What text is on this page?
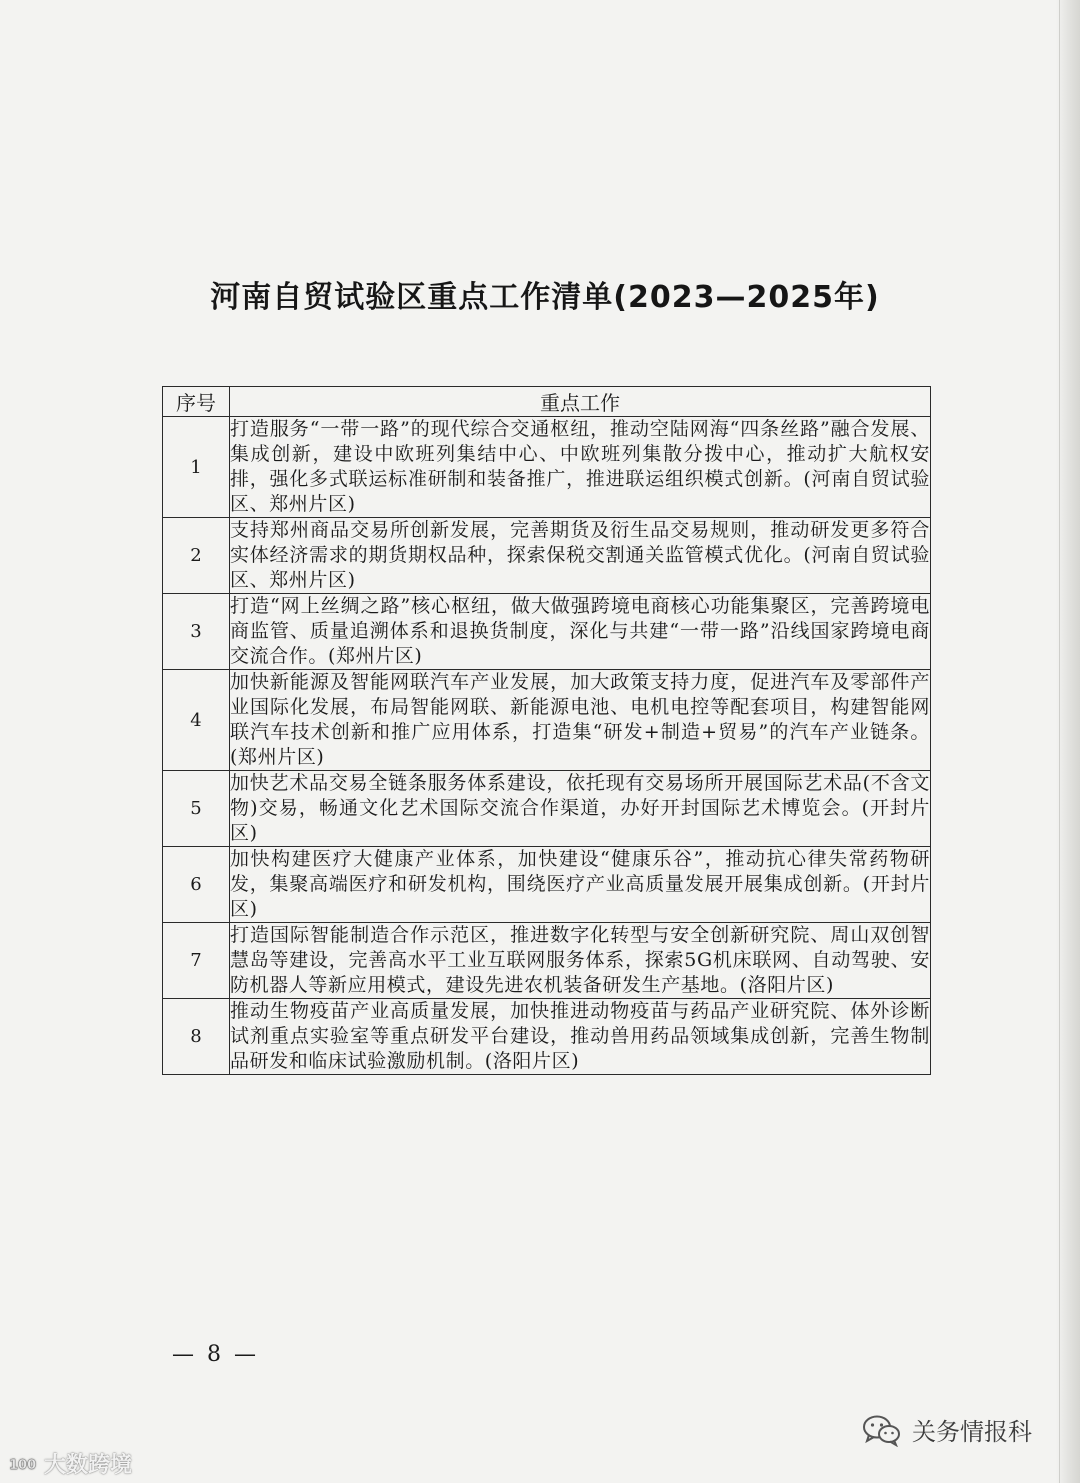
河南自贸试验区重点工作清单(2023—2025年)
序号	重点工作
1	打造服务“一带一路”的现代综合交通枢纽，推动空陆网海“四条丝路”融合发展、集成创新，建设中欧班列集结中心、中欧班列集散分拨中心，推动扩大航权安排，强化多式联运标准研制和装备推广，推进联运组织模式创新。(河南自贸试验区、郑州片区)
2	支持郑州商品交易所创新发展，完善期货及衍生品交易规则，推动研发更多符合实体经济需求的期货期权品种，探索保税交割通关监管模式优化。(河南自贸试验区、郑州片区)
3	打造“网上丝绸之路”核心枢纽，做大做强跨境电商核心功能集聚区，完善跨境电商监管、质量追溯体系和退换货制度，深化与共建“一带一路”沿线国家跨境电商交流合作。(郑州片区)
4	加快新能源及智能网联汽车产业发展，加大政策支持力度，促进汽车及零部件产业国际化发展，布局智能网联、新能源电池、电机电控等配套项目，构建智能网联汽车技术创新和推广应用体系，打造集“研发+制造+贸易”的汽车产业链条。(郑州片区)
5	加快艺术品交易全链条服务体系建设，依托现有交易场所开展国际艺术品(不含文物)交易，畅通文化艺术国际交流合作渠道，办好开封国际艺术博览会。(开封片区)
6	加快构建医疗大健康产业体系，加快建设“健康乐谷”，推动抗心律失常药物研发，集聚高端医疗和研发机构，围绕医疗产业高质量发展开展集成创新。(开封片区)
7	打造国际智能制造合作示范区，推进数字化转型与安全创新研究院、周山双创智慧岛等建设，完善高水平工业互联网服务体系，探索5G机床联网、自动驾驶、安防机器人等新应用模式，建设先进农机装备研发生产基地。(洛阳片区)
8	推动生物疫苗产业高质量发展，加快推进动物疫苗与药品产业研究院、体外诊断试剂重点实验室等重点研发平台建设，推动兽用药品领域集成创新，完善生物制品研发和临床试验激励机制。(洛阳片区)
— 8 —
100 大数跨境
关务情报科
